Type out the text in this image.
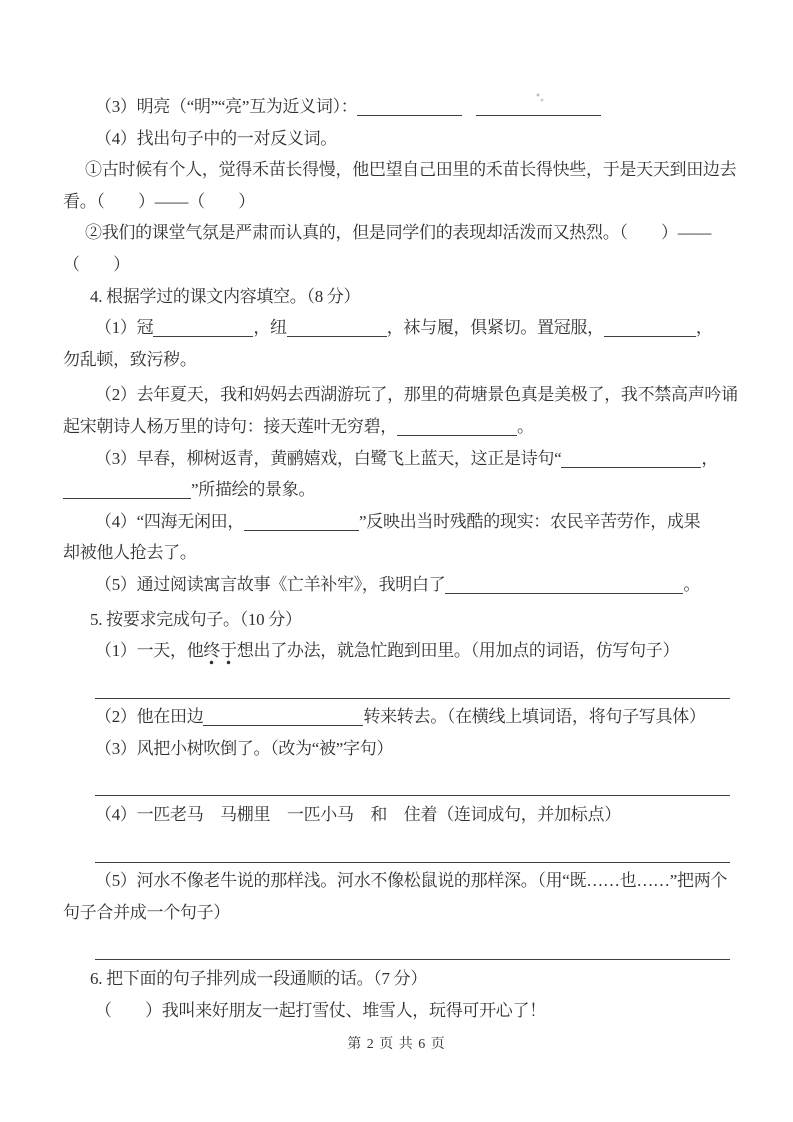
（3）明亮（“明”“亮”互为近义词）：

（4）找出句子中的一对反义词。

①古时候有个人，觉得禾苗长得慢，他巴望自己田里的禾苗长得快些，于是天天到田边去

看。（　　）——（　　）

②我们的课堂气氛是严肃而认真的，但是同学们的表现却活泼而又热烈。（　　）——

（　　）

4. 根据学过的课文内容填空。（8 分）

（1）冠	，纽	，袜与履，俱紧切。置冠服，	，

勿乱顿，致污秽。

（2）去年夏天，我和妈妈去西湖游玩了，那里的荷塘景色真是美极了，我不禁高声吟诵

起宋朝诗人杨万里的诗句：接天莲叶无穷碧，	。

（3）早春，柳树返青，黄鹂嬉戏，白鹭飞上蓝天，这正是诗句“	，

”所描绘的景象。

（4）“四海无闲田，	”反映出当时残酷的现实：农民辛苦劳作，成果

却被他人抢去了。

（5）通过阅读寓言故事《亡羊补牢》，我明白了	。

5. 按要求完成句子。（10 分）

（1）一天，他终于想出了办法，就急忙跑到田里。（用加点的词语，仿写句子）

（2）他在田边	转来转去。（在横线上填词语，将句子写具体）

（3）风把小树吹倒了。（改为“被”字句）

（4）一匹老马　马棚里　一匹小马　和　住着（连词成句，并加标点）

（5）河水不像老牛说的那样浅。河水不像松鼠说的那样深。（用“既……也……”把两个

句子合并成一个句子）

6. 把下面的句子排列成一段通顺的话。（7 分）

（　　）我叫来好朋友一起打雪仗、堆雪人，玩得可开心了！

第 2 页 共 6 页
